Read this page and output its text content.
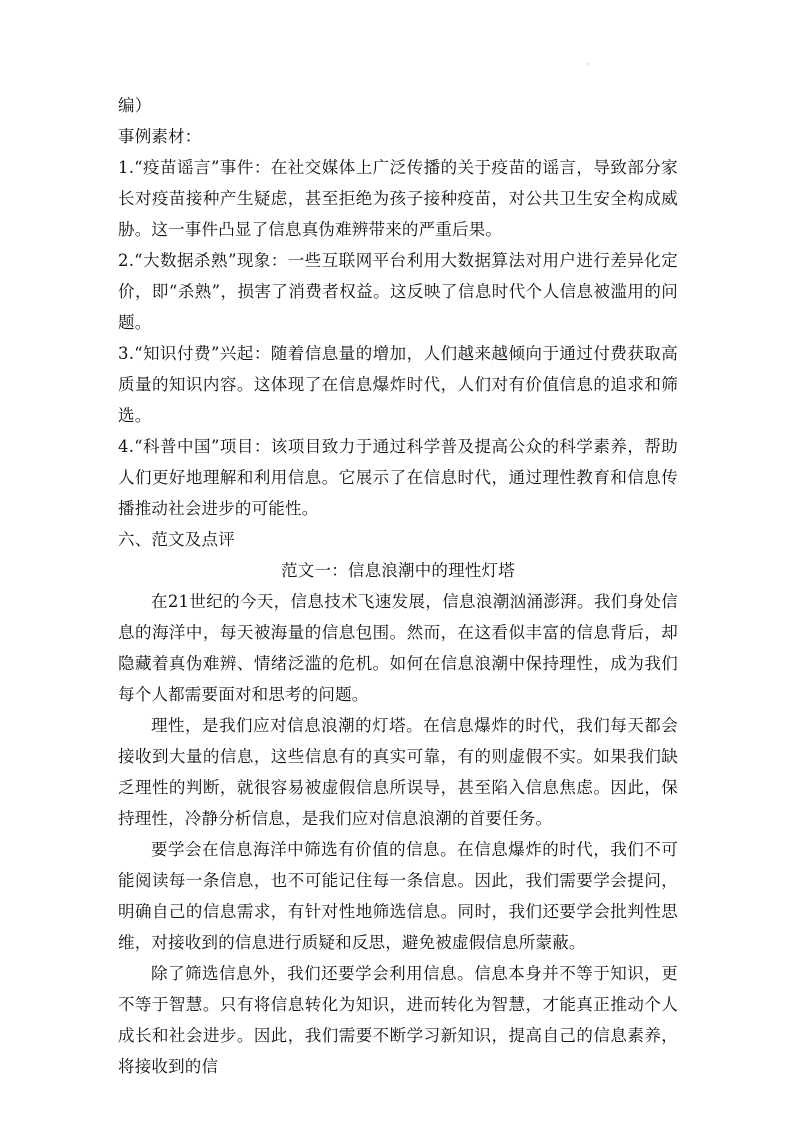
·

编）

事例素材：

1.“疫苗谣言”事件：在社交媒体上广泛传播的关于疫苗的谣言，导致部分家长对疫苗接种产生疑虑，甚至拒绝为孩子接种疫苗，对公共卫生安全构成威胁。这一事件凸显了信息真伪难辨带来的严重后果。

2.“大数据杀熟”现象：一些互联网平台利用大数据算法对用户进行差异化定价，即“杀熟”，损害了消费者权益。这反映了信息时代个人信息被滥用的问题。

3.“知识付费”兴起：随着信息量的增加，人们越来越倾向于通过付费获取高质量的知识内容。这体现了在信息爆炸时代，人们对有价值信息的追求和筛选。

4.“科普中国”项目：该项目致力于通过科学普及提高公众的科学素养，帮助人们更好地理解和利用信息。它展示了在信息时代，通过理性教育和信息传播推动社会进步的可能性。

六、范文及点评

范文一：信息浪潮中的理性灯塔

在21世纪的今天，信息技术飞速发展，信息浪潮汹涌澎湃。我们身处信息的海洋中，每天被海量的信息包围。然而，在这看似丰富的信息背后，却隐藏着真伪难辨、情绪泛滥的危机。如何在信息浪潮中保持理性，成为我们每个人都需要面对和思考的问题。

理性，是我们应对信息浪潮的灯塔。在信息爆炸的时代，我们每天都会接收到大量的信息，这些信息有的真实可靠，有的则虚假不实。如果我们缺乏理性的判断，就很容易被虚假信息所误导，甚至陷入信息焦虑。因此，保持理性，冷静分析信息，是我们应对信息浪潮的首要任务。

要学会在信息海洋中筛选有价值的信息。在信息爆炸的时代，我们不可能阅读每一条信息，也不可能记住每一条信息。因此，我们需要学会提问，明确自己的信息需求，有针对性地筛选信息。同时，我们还要学会批判性思维，对接收到的信息进行质疑和反思，避免被虚假信息所蒙蔽。

除了筛选信息外，我们还要学会利用信息。信息本身并不等于知识，更不等于智慧。只有将信息转化为知识，进而转化为智慧，才能真正推动个人成长和社会进步。因此，我们需要不断学习新知识，提高自己的信息素养，将接收到的信
